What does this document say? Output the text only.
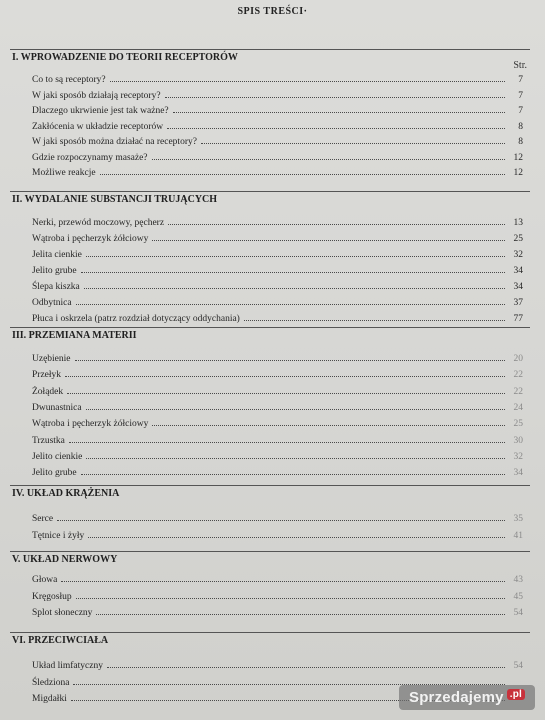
SPIS TREŚCI·
Str.
I. WPROWADZENIE DO TEORII RECEPTORÓW
Co to są receptory?	7
W jaki sposób działają receptory?	7
Dlaczego ukrwienie jest tak ważne?	7
Zakłócenia w układzie receptorów	8
W jaki sposób można działać na receptory?	8
Gdzie rozpoczynamy masaże?	12
Możliwe reakcje	12
II. WYDALANIE SUBSTANCJI TRUJĄCYCH
Nerki, przewód moczowy, pęcherz	13
Wątroba i pęcherzyk żółciowy	25
Jelita cienkie	32
Jelito grube	34
Ślepa kiszka	34
Odbytnica	37
Płuca i oskrzela (patrz rozdział dotyczący oddychania)	77
III. PRZEMIANA MATERII
Uzębienie	20
Przełyk	22
Żołądek	22
Dwunastnica	24
Wątroba i pęcherzyk żółciowy	25
Trzustka	30
Jelito cienkie	32
Jelito grube	34
IV. UKŁAD KRĄŻENIA
Serce	35
Tętnice i żyły	41
V. UKŁAD NERWOWY
Głowa	43
Kręgosłup	45
Splot słoneczny	54
VI. PRZECIWCIAŁA
Układ limfatyczny	54
Śledziona
Migdałki	Sprzedajemy .pl
